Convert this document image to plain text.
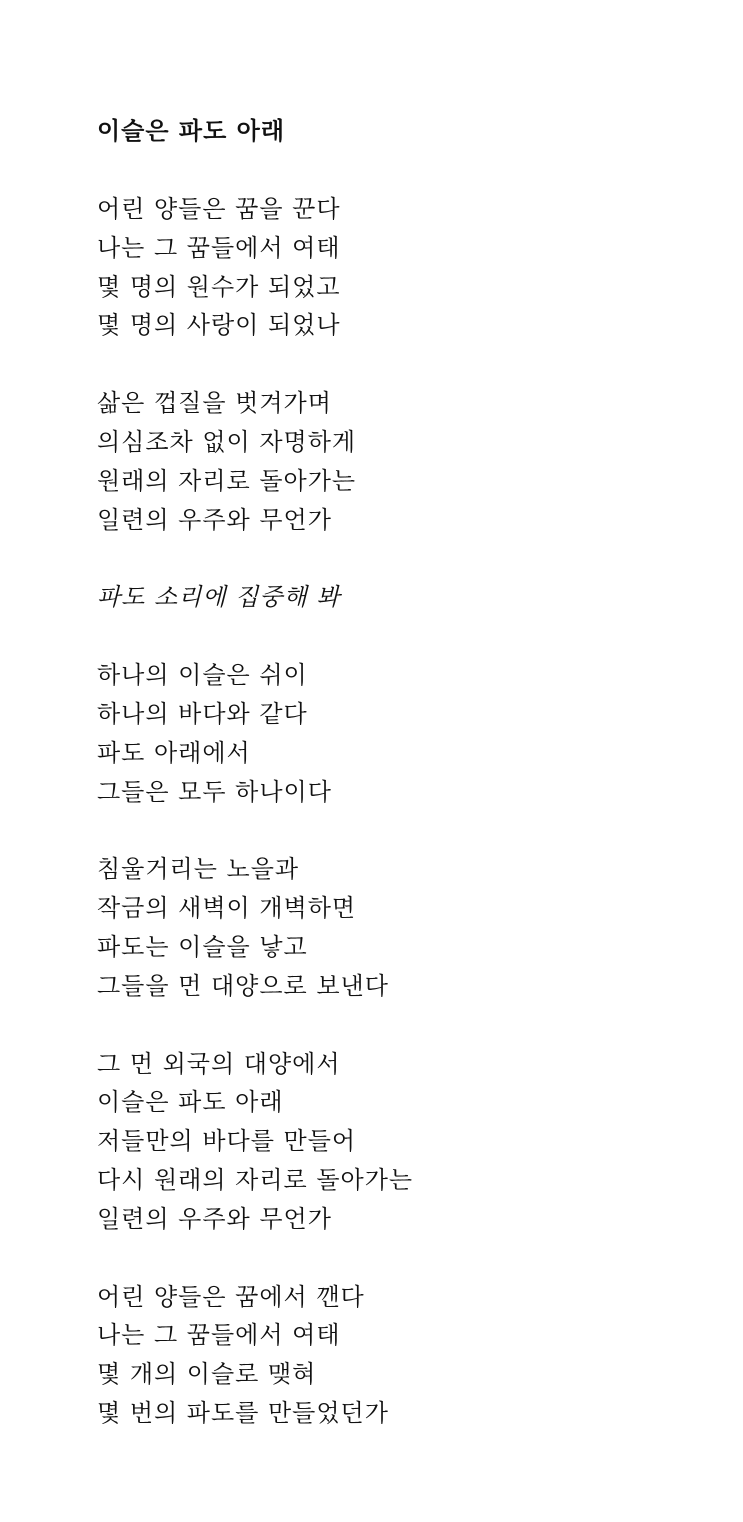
이슬은 파도 아래

어린 양들은 꿈을 꾼다
나는 그 꿈들에서 여태
몇 명의 원수가 되었고
몇 명의 사랑이 되었나

삶은 껍질을 벗겨가며
의심조차 없이 자명하게
원래의 자리로 돌아가는
일련의 우주와 무언가

파도 소리에 집중해 봐

하나의 이슬은 쉬이
하나의 바다와 같다
파도 아래에서
그들은 모두 하나이다

침울거리는 노을과
작금의 새벽이 개벽하면
파도는 이슬을 낳고
그들을 먼 대양으로 보낸다

그 먼 외국의 대양에서
이슬은 파도 아래
저들만의 바다를 만들어
다시 원래의 자리로 돌아가는
일련의 우주와 무언가

어린 양들은 꿈에서 깬다
나는 그 꿈들에서 여태
몇 개의 이슬로 맺혀
몇 번의 파도를 만들었던가
